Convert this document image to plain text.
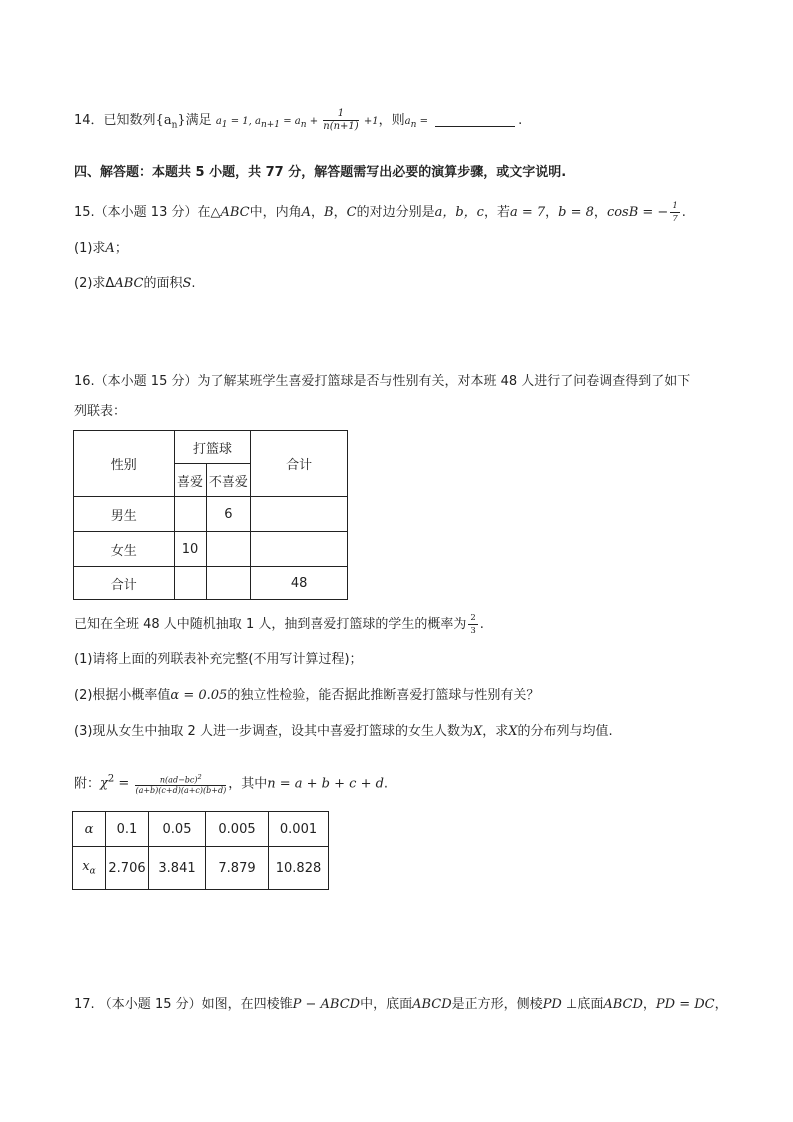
14．已知数列$\{a_n\}$满足 $a_1 = 1$, $a_{n+1} = a_n + \frac{1}{n(n+1)} +1$，则$a_n$ =	.
四、解答题：本题共 5 小题，共 77 分，解答题需写出必要的演算步骤，或文字说明.
15.（本小题 13 分）在△ABC中，内角A，B，C的对边分别是a，b，c，若a = 7，b = 8，cosB = − $\frac{1}{7}$ .
(1)求A；
(2)求ΔABC的面积S.
16.（本小题 15 分）为了解某班学生喜爱打篮球是否与性别有关，对本班 48 人进行了问卷调查得到了如下
列联表：
性别	打篮球		合计
	喜爱	不喜爱	
男生		6	
女生	10		
合计			48
已知在全班 48 人中随机抽取 1 人，抽到喜爱打篮球的学生的概率为 $\frac{2}{3}$ .
(1)请将上面的列联表补充完整(不用写计算过程)；
(2)根据小概率值α = 0.05的独立性检验，能否据此推断喜爱打篮球与性别有关？
(3)现从女生中抽取 2 人进一步调查，设其中喜爱打篮球的女生人数为X，求X的分布列与均值.
附：$\chi^2 = \frac{n(ad-bc)^2}{(a+b)(c+d)(a+c)(b+d)}$ ，其中n = a + b + c + d.
α	0.1	0.05	0.005	0.001
$x_\alpha$	2.706	3.841	7.879	10.828
17. （本小题 15 分）如图，在四棱锥P − ABCD中，底面ABCD是正方形，侧棱PD ⊥底面ABCD，PD = DC，
